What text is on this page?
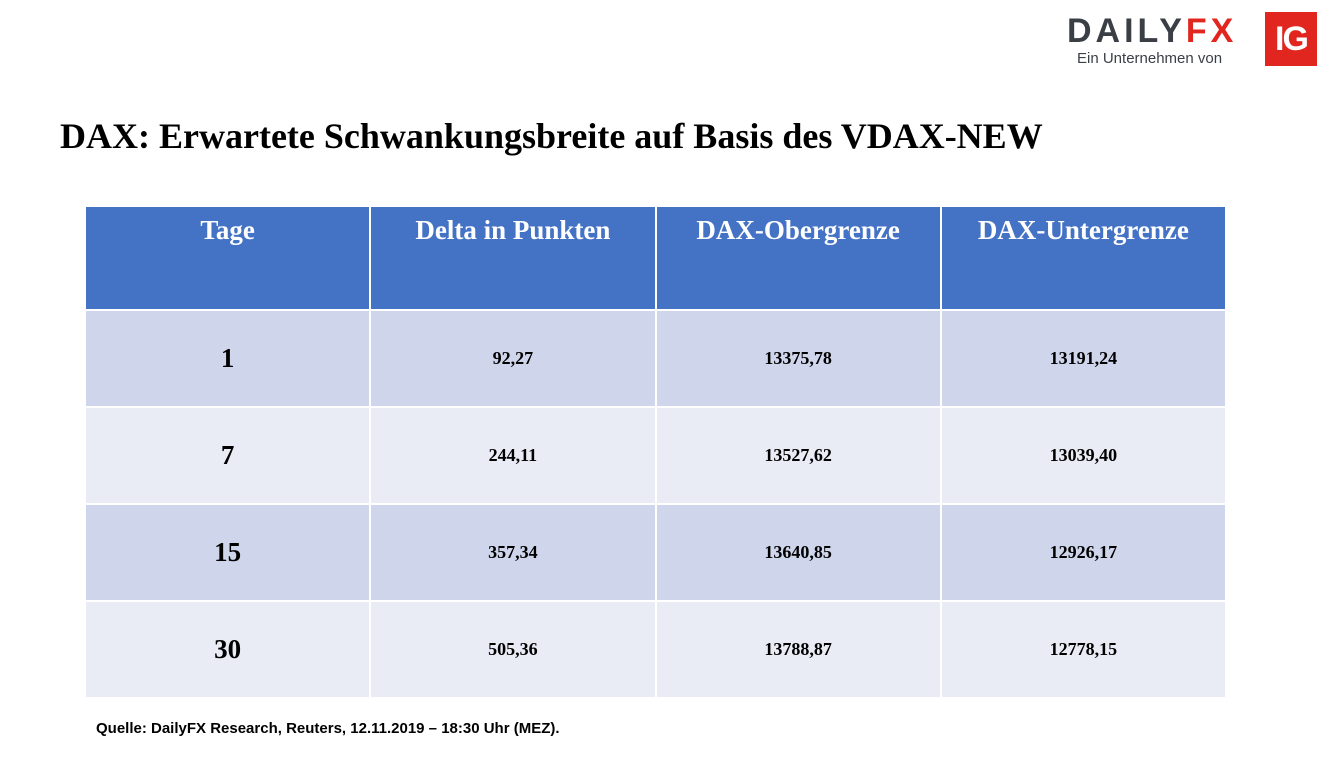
DAILYFX
Ein Unternehmen von
IG
DAX: Erwartete Schwankungsbreite auf Basis des VDAX-NEW
Tage	Delta in Punkten	DAX-Obergrenze	DAX-Untergrenze
1	92,27	13375,78	13191,24
7	244,11	13527,62	13039,40
15	357,34	13640,85	12926,17
30	505,36	13788,87	12778,15
Quelle: DailyFX Research, Reuters, 12.11.2019 – 18:30 Uhr (MEZ).
